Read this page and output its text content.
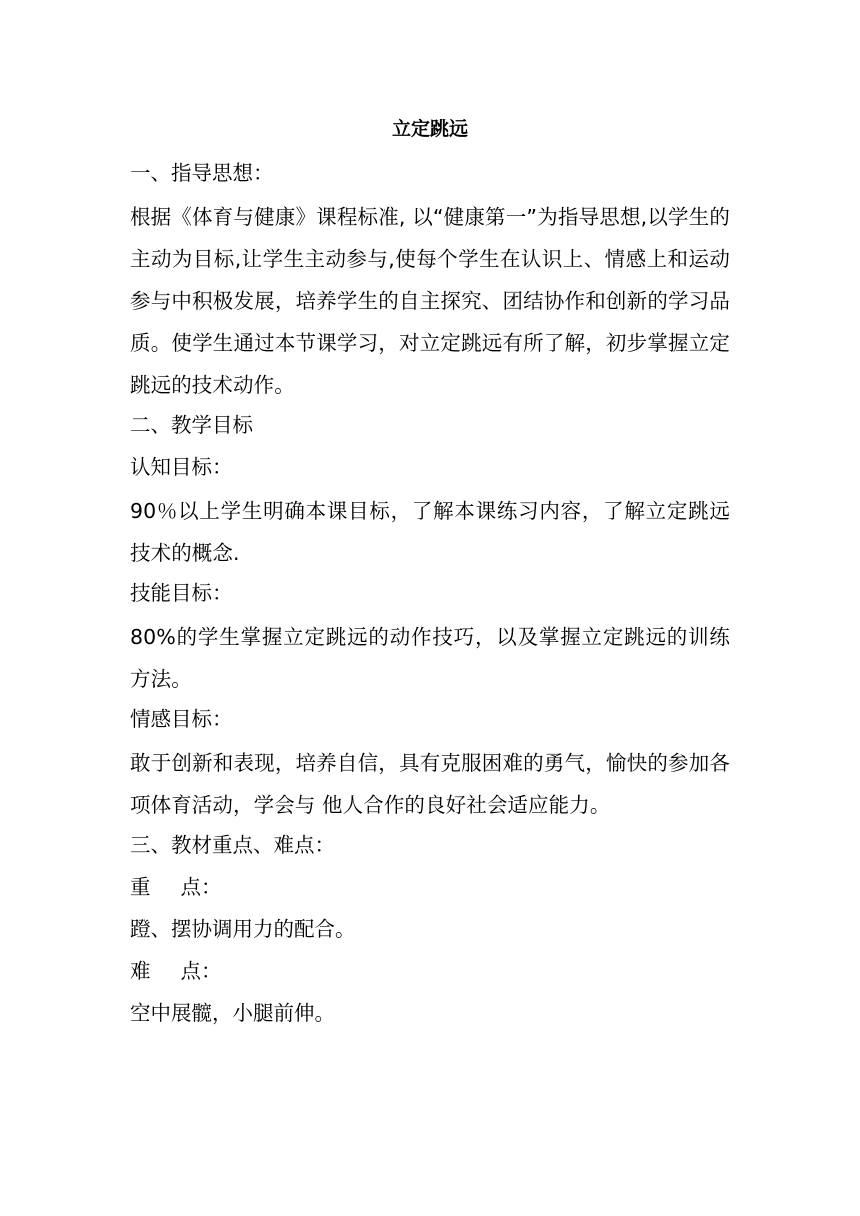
立定跳远

一、指导思想：

根据《体育与健康》课程标准, 以“健康第一”为指导思想,以学生的主动为目标,让学生主动参与,使每个学生在认识上、情感上和运动参与中积极发展，培养学生的自主探究、团结协作和创新的学习品质。使学生通过本节课学习，对立定跳远有所了解，初步掌握立定跳远的技术动作。

二、教学目标

认知目标：

90％以上学生明确本课目标，了解本课练习内容，了解立定跳远技术的概念.

技能目标：

80%的学生掌握立定跳远的动作技巧，以及掌握立定跳远的训练方法。

情感目标：

敢于创新和表现，培养自信，具有克服困难的勇气，愉快的参加各项体育活动，学会与 他人合作的良好社会适应能力。

三、教材重点、难点：

重 点：

蹬、摆协调用力的配合。

难 点：

空中展髋，小腿前伸。
